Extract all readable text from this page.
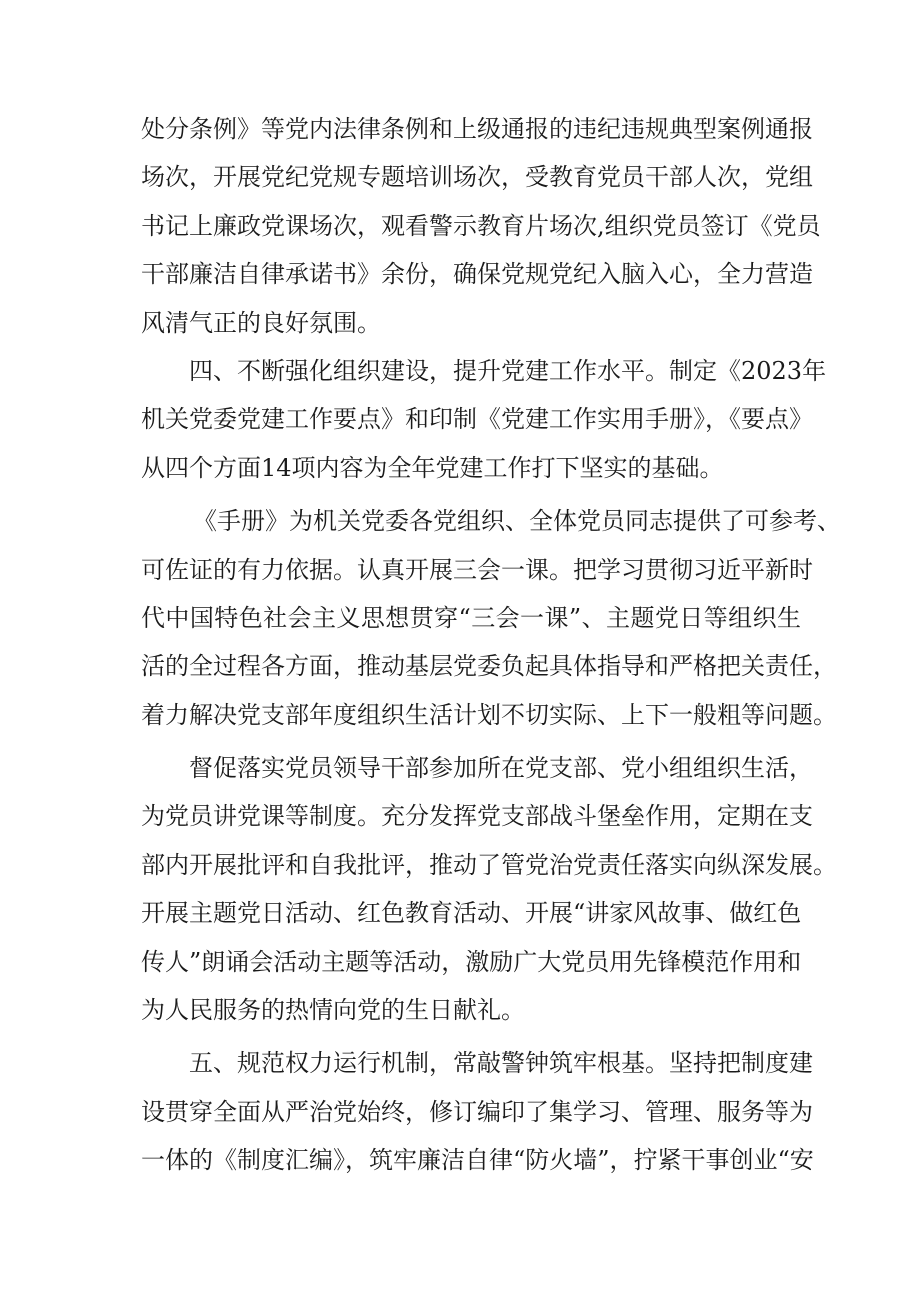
处分条例》等党内法律条例和上级通报的违纪违规典型案例通报
场次，开展党纪党规专题培训场次，受教育党员干部人次，党组
书记上廉政党课场次，观看警示教育片场次,组织党员签订《党员
干部廉洁自律承诺书》余份，确保党规党纪入脑入心，全力营造
风清气正的良好氛围。
四、不断强化组织建设，提升党建工作水平。制定《2023年
机关党委党建工作要点》和印制《党建工作实用手册》，《要点》
从四个方面14项内容为全年党建工作打下坚实的基础。
《手册》为机关党委各党组织、全体党员同志提供了可参考、
可佐证的有力依据。认真开展三会一课。把学习贯彻习近平新时
代中国特色社会主义思想贯穿“三会一课”、主题党日等组织生
活的全过程各方面，推动基层党委负起具体指导和严格把关责任，
着力解决党支部年度组织生活计划不切实际、上下一般粗等问题。
督促落实党员领导干部参加所在党支部、党小组组织生活，
为党员讲党课等制度。充分发挥党支部战斗堡垒作用，定期在支
部内开展批评和自我批评，推动了管党治党责任落实向纵深发展。
开展主题党日活动、红色教育活动、开展“讲家风故事、做红色
传人”朗诵会活动主题等活动，激励广大党员用先锋模范作用和
为人民服务的热情向党的生日献礼。
五、规范权力运行机制，常敲警钟筑牢根基。坚持把制度建
设贯穿全面从严治党始终，修订编印了集学习、管理、服务等为
一体的《制度汇编》，筑牢廉洁自律“防火墙”，拧紧干事创业“安
